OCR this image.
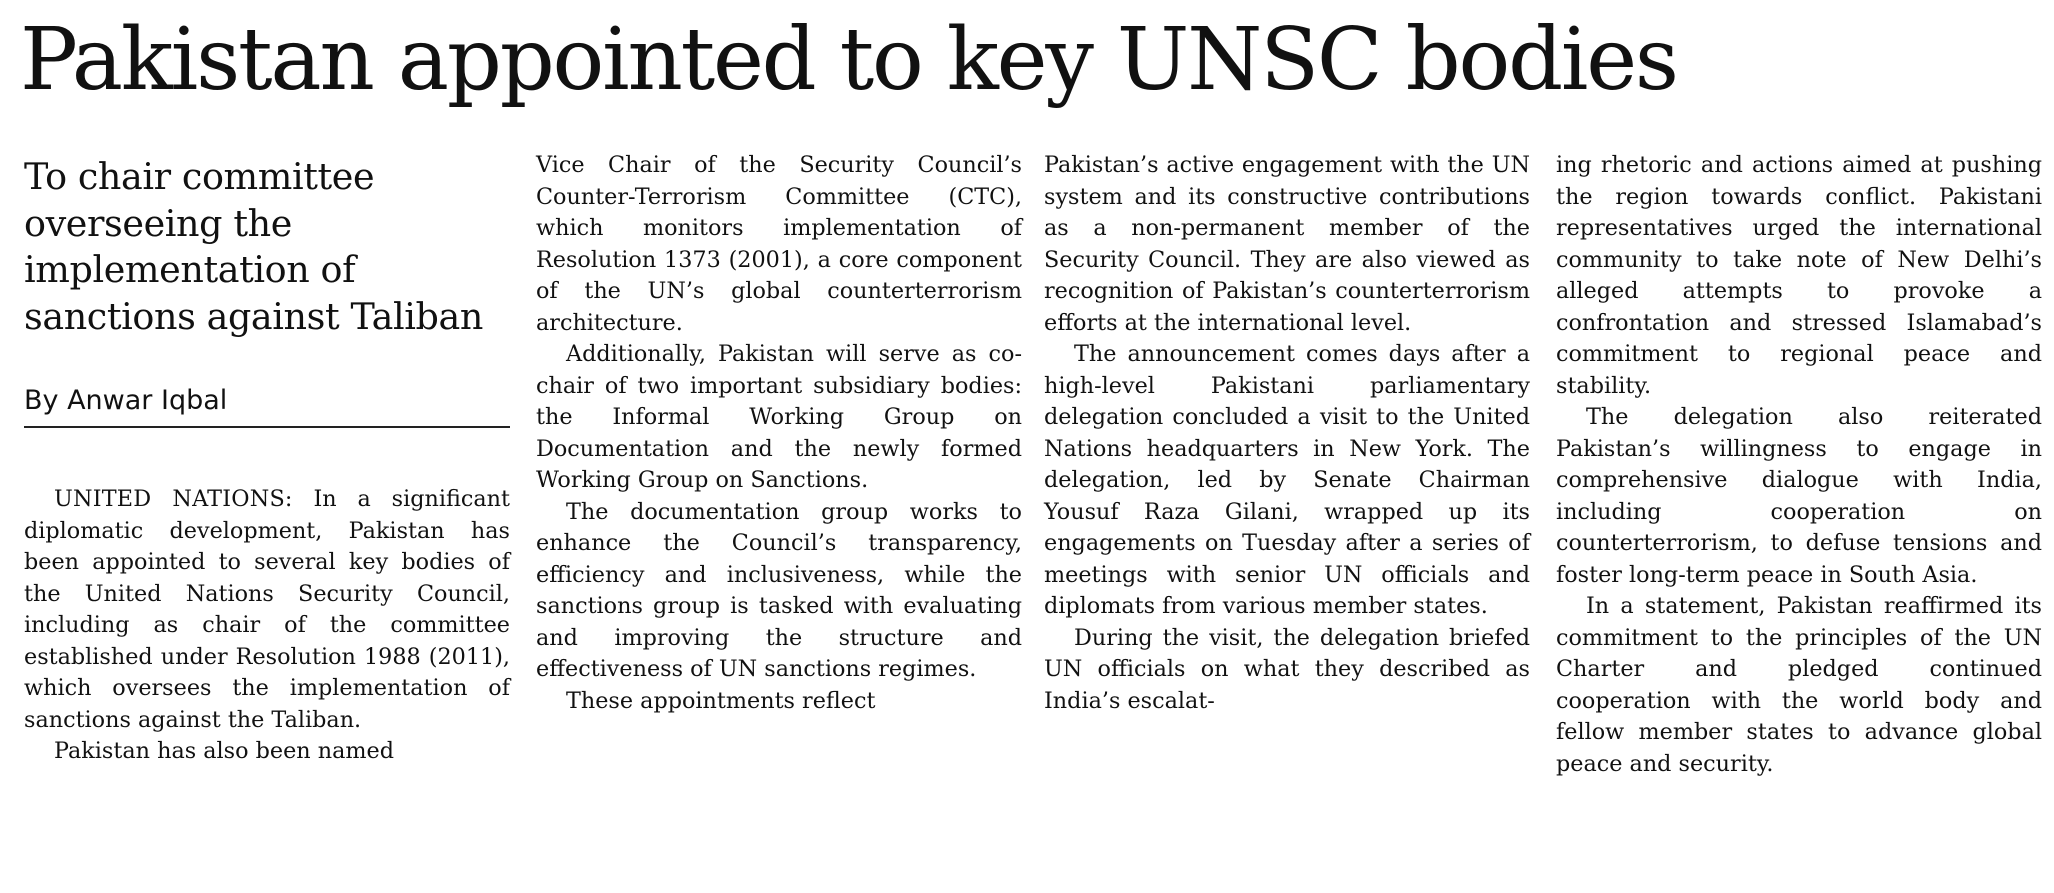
Pakistan appointed to key UNSC bodies

To chair committee overseeing the implementation of sanctions against Taliban

By Anwar Iqbal

UNITED NATIONS: In a significant diplomatic development, Pakistan has been appointed to several key bodies of the United Nations Security Council, including as chair of the committee established under Resolution 1988 (2011), which oversees the implementation of sanctions against the Taliban.

Pakistan has also been named

Vice Chair of the Security Council’s Counter-Terrorism Committee (CTC), which monitors implementation of Resolution 1373 (2001), a core component of the UN’s global counterterrorism architecture.

Additionally, Pakistan will serve as co-chair of two important subsidiary bodies: the Informal Working Group on Documentation and the newly formed Working Group on Sanctions.

The documentation group works to enhance the Council’s transparency, efficiency and inclusiveness, while the sanctions group is tasked with evaluating and improving the structure and effectiveness of UN sanctions regimes.

These appointments reflect

Pakistan’s active engagement with the UN system and its constructive contributions as a non-permanent member of the Security Council. They are also viewed as recognition of Pakistan’s counterterrorism efforts at the international level.

The announcement comes days after a high-level Pakistani parliamentary delegation concluded a visit to the United Nations headquarters in New York. The delegation, led by Senate Chairman Yousuf Raza Gilani, wrapped up its engagements on Tuesday after a series of meetings with senior UN officials and diplomats from various member states.

During the visit, the delegation briefed UN officials on what they described as India’s escalat-

ing rhetoric and actions aimed at pushing the region towards conflict. Pakistani representatives urged the international community to take note of New Delhi’s alleged attempts to provoke a confrontation and stressed Islamabad’s commitment to regional peace and stability.

The delegation also reiterated Pakistan’s willingness to engage in comprehensive dialogue with India, including cooperation on counterterrorism, to defuse tensions and foster long-term peace in South Asia.

In a statement, Pakistan reaffirmed its commitment to the principles of the UN Charter and pledged continued cooperation with the world body and fellow member states to advance global peace and security.
